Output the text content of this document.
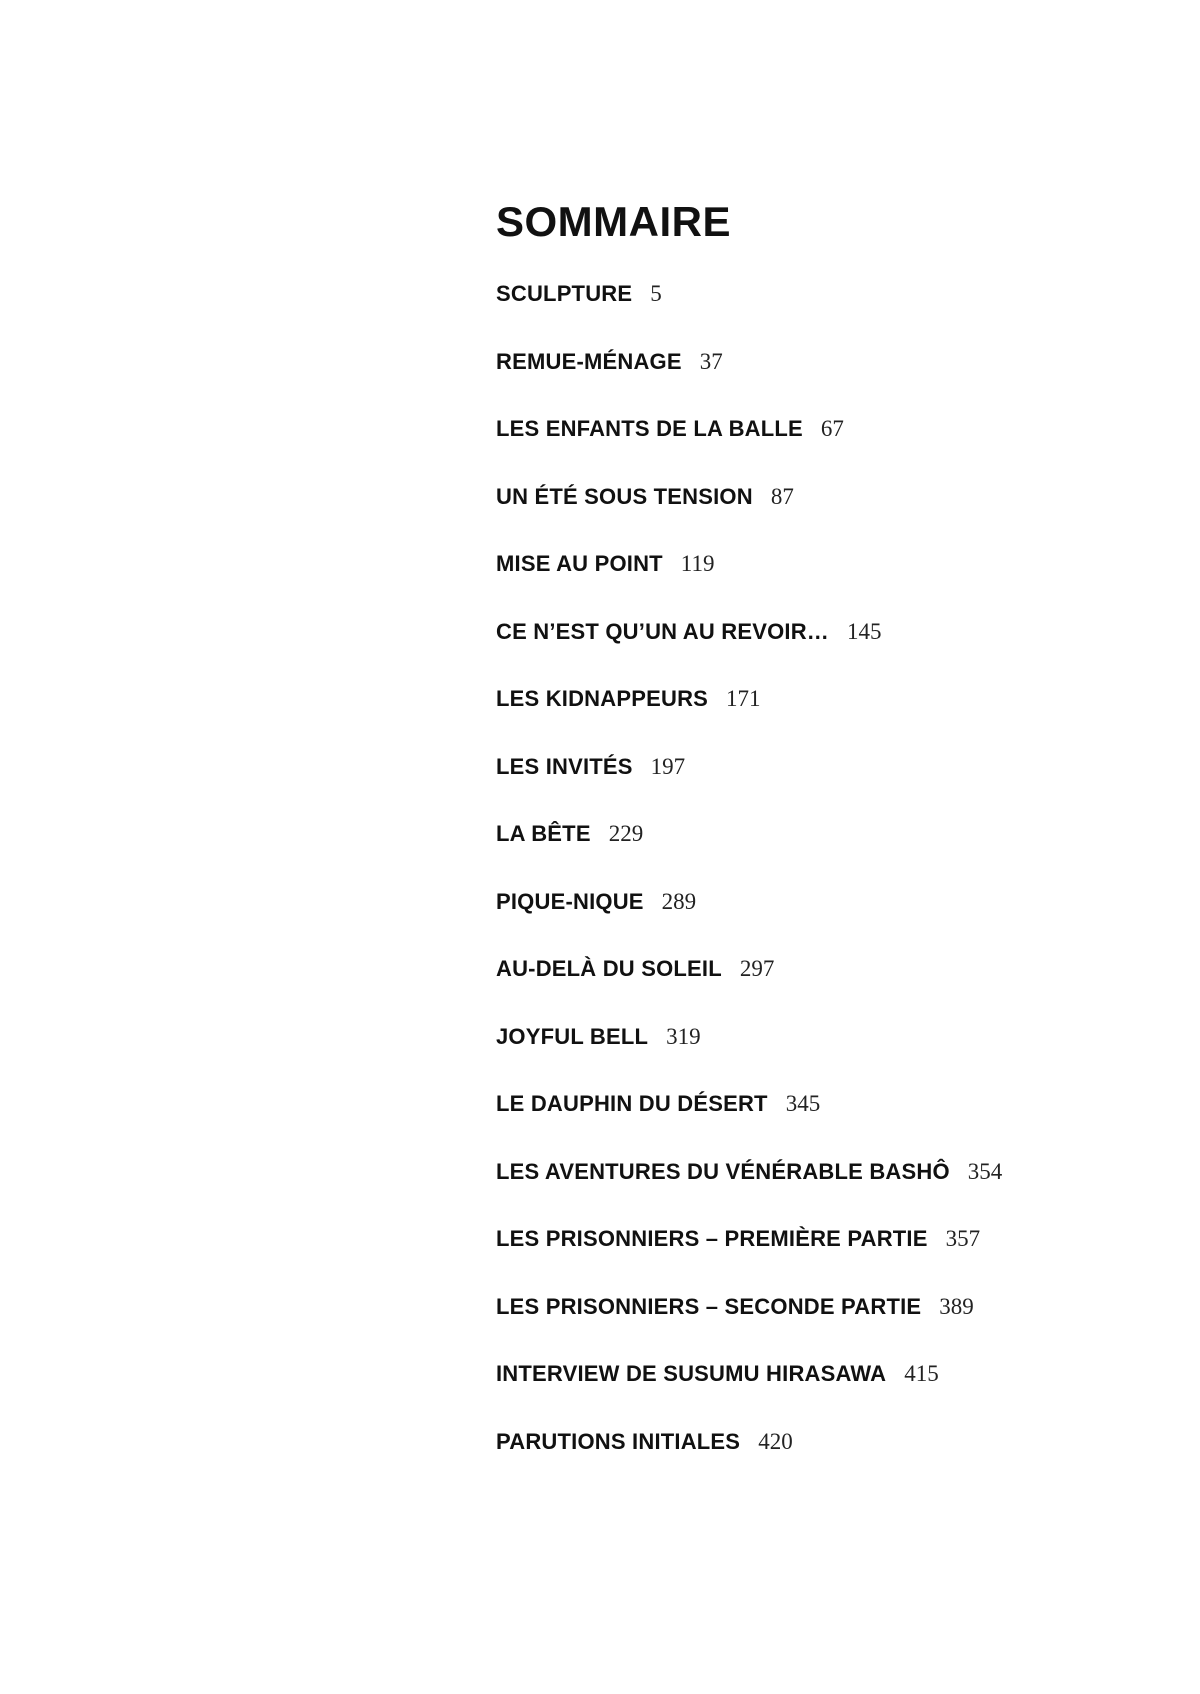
SOMMAIRE
SCULPTURE 5
REMUE-MÉNAGE 37
LES ENFANTS DE LA BALLE 67
UN ÉTÉ SOUS TENSION 87
MISE AU POINT 119
CE N’EST QU’UN AU REVOIR… 145
LES KIDNAPPEURS 171
LES INVITÉS 197
LA BÊTE 229
PIQUE-NIQUE 289
AU-DELÀ DU SOLEIL 297
JOYFUL BELL 319
LE DAUPHIN DU DÉSERT 345
LES AVENTURES DU VÉNÉRABLE BASHÔ 354
LES PRISONNIERS – PREMIÈRE PARTIE 357
LES PRISONNIERS – SECONDE PARTIE 389
INTERVIEW DE SUSUMU HIRASAWA 415
PARUTIONS INITIALES 420
